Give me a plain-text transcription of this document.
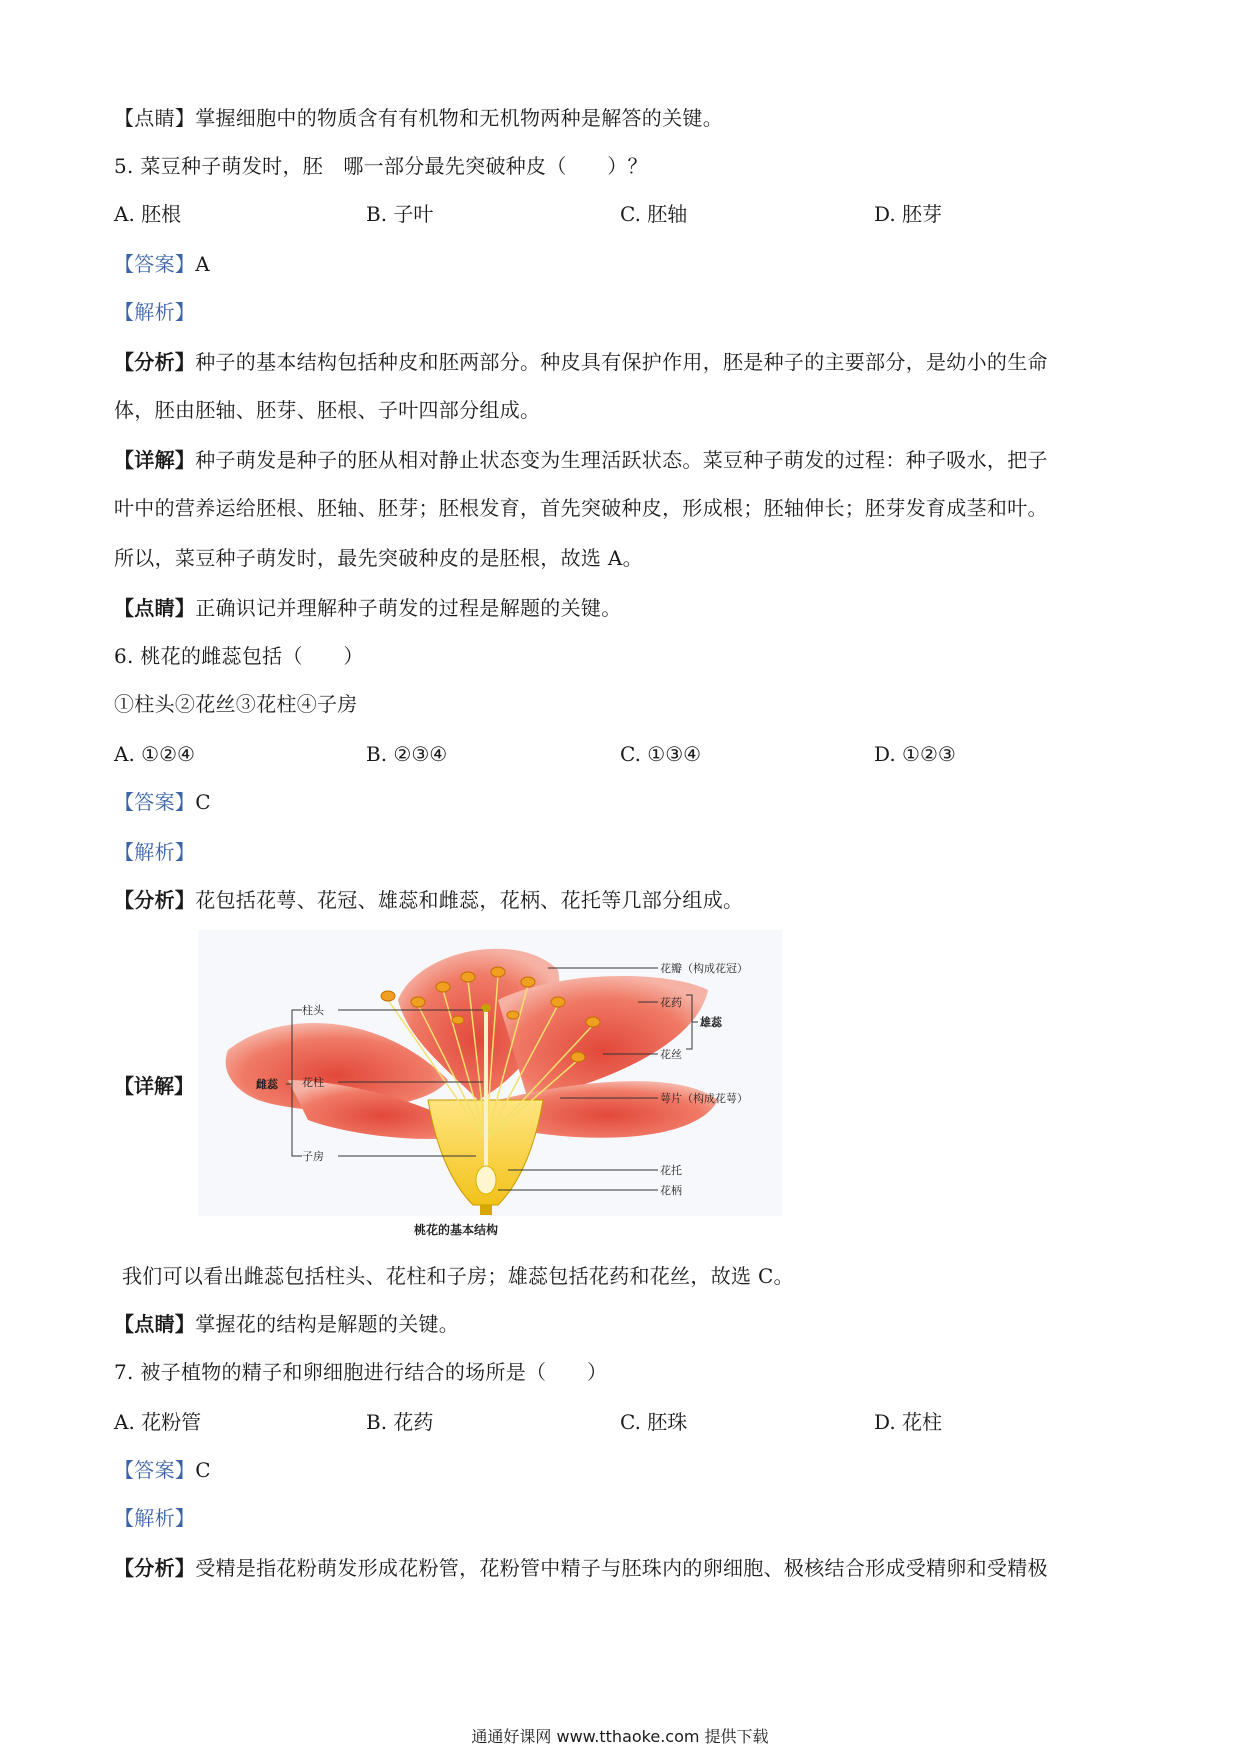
【点睛】掌握细胞中的物质含有有机物和无机物两种是解答的关键。
5. 菜豆种子萌发时，胚　哪一部分最先突破种皮（　　）？
A. 胚根	B. 子叶	C. 胚轴	D. 胚芽
【答案】A
【解析】
【分析】种子的基本结构包括种皮和胚两部分。种皮具有保护作用，胚是种子的主要部分，是幼小的生命
体，胚由胚轴、胚芽、胚根、子叶四部分组成。
【详解】种子萌发是种子的胚从相对静止状态变为生理活跃状态。菜豆种子萌发的过程：种子吸水，把子
叶中的营养运给胚根、胚轴、胚芽；胚根发育，首先突破种皮，形成根；胚轴伸长；胚芽发育成茎和叶。
所以，菜豆种子萌发时，最先突破种皮的是胚根，故选 A。
【点睛】正确识记并理解种子萌发的过程是解题的关键。
6. 桃花的雌蕊包括（　　）
①柱头②花丝③花柱④子房
A. ①②④	B. ②③④	C. ①③④	D. ①②③
【答案】C
【解析】
【分析】花包括花萼、花冠、雄蕊和雌蕊，花柄、花托等几部分组成。
【详解】
花瓣（构成花冠）
花药
雄蕊
花丝
萼片（构成花萼）
花托
花柄
柱头
雌蕊 花柱
子房
桃花的基本结构
我们可以看出雌蕊包括柱头、花柱和子房；雄蕊包括花药和花丝，故选 C。
【点睛】掌握花的结构是解题的关键。
7. 被子植物的精子和卵细胞进行结合的场所是（　　）
A. 花粉管	B. 花药	C. 胚珠	D. 花柱
【答案】C
【解析】
【分析】受精是指花粉萌发形成花粉管，花粉管中精子与胚珠内的卵细胞、极核结合形成受精卵和受精极
通通好课网 www.tthaoke.com 提供下载
